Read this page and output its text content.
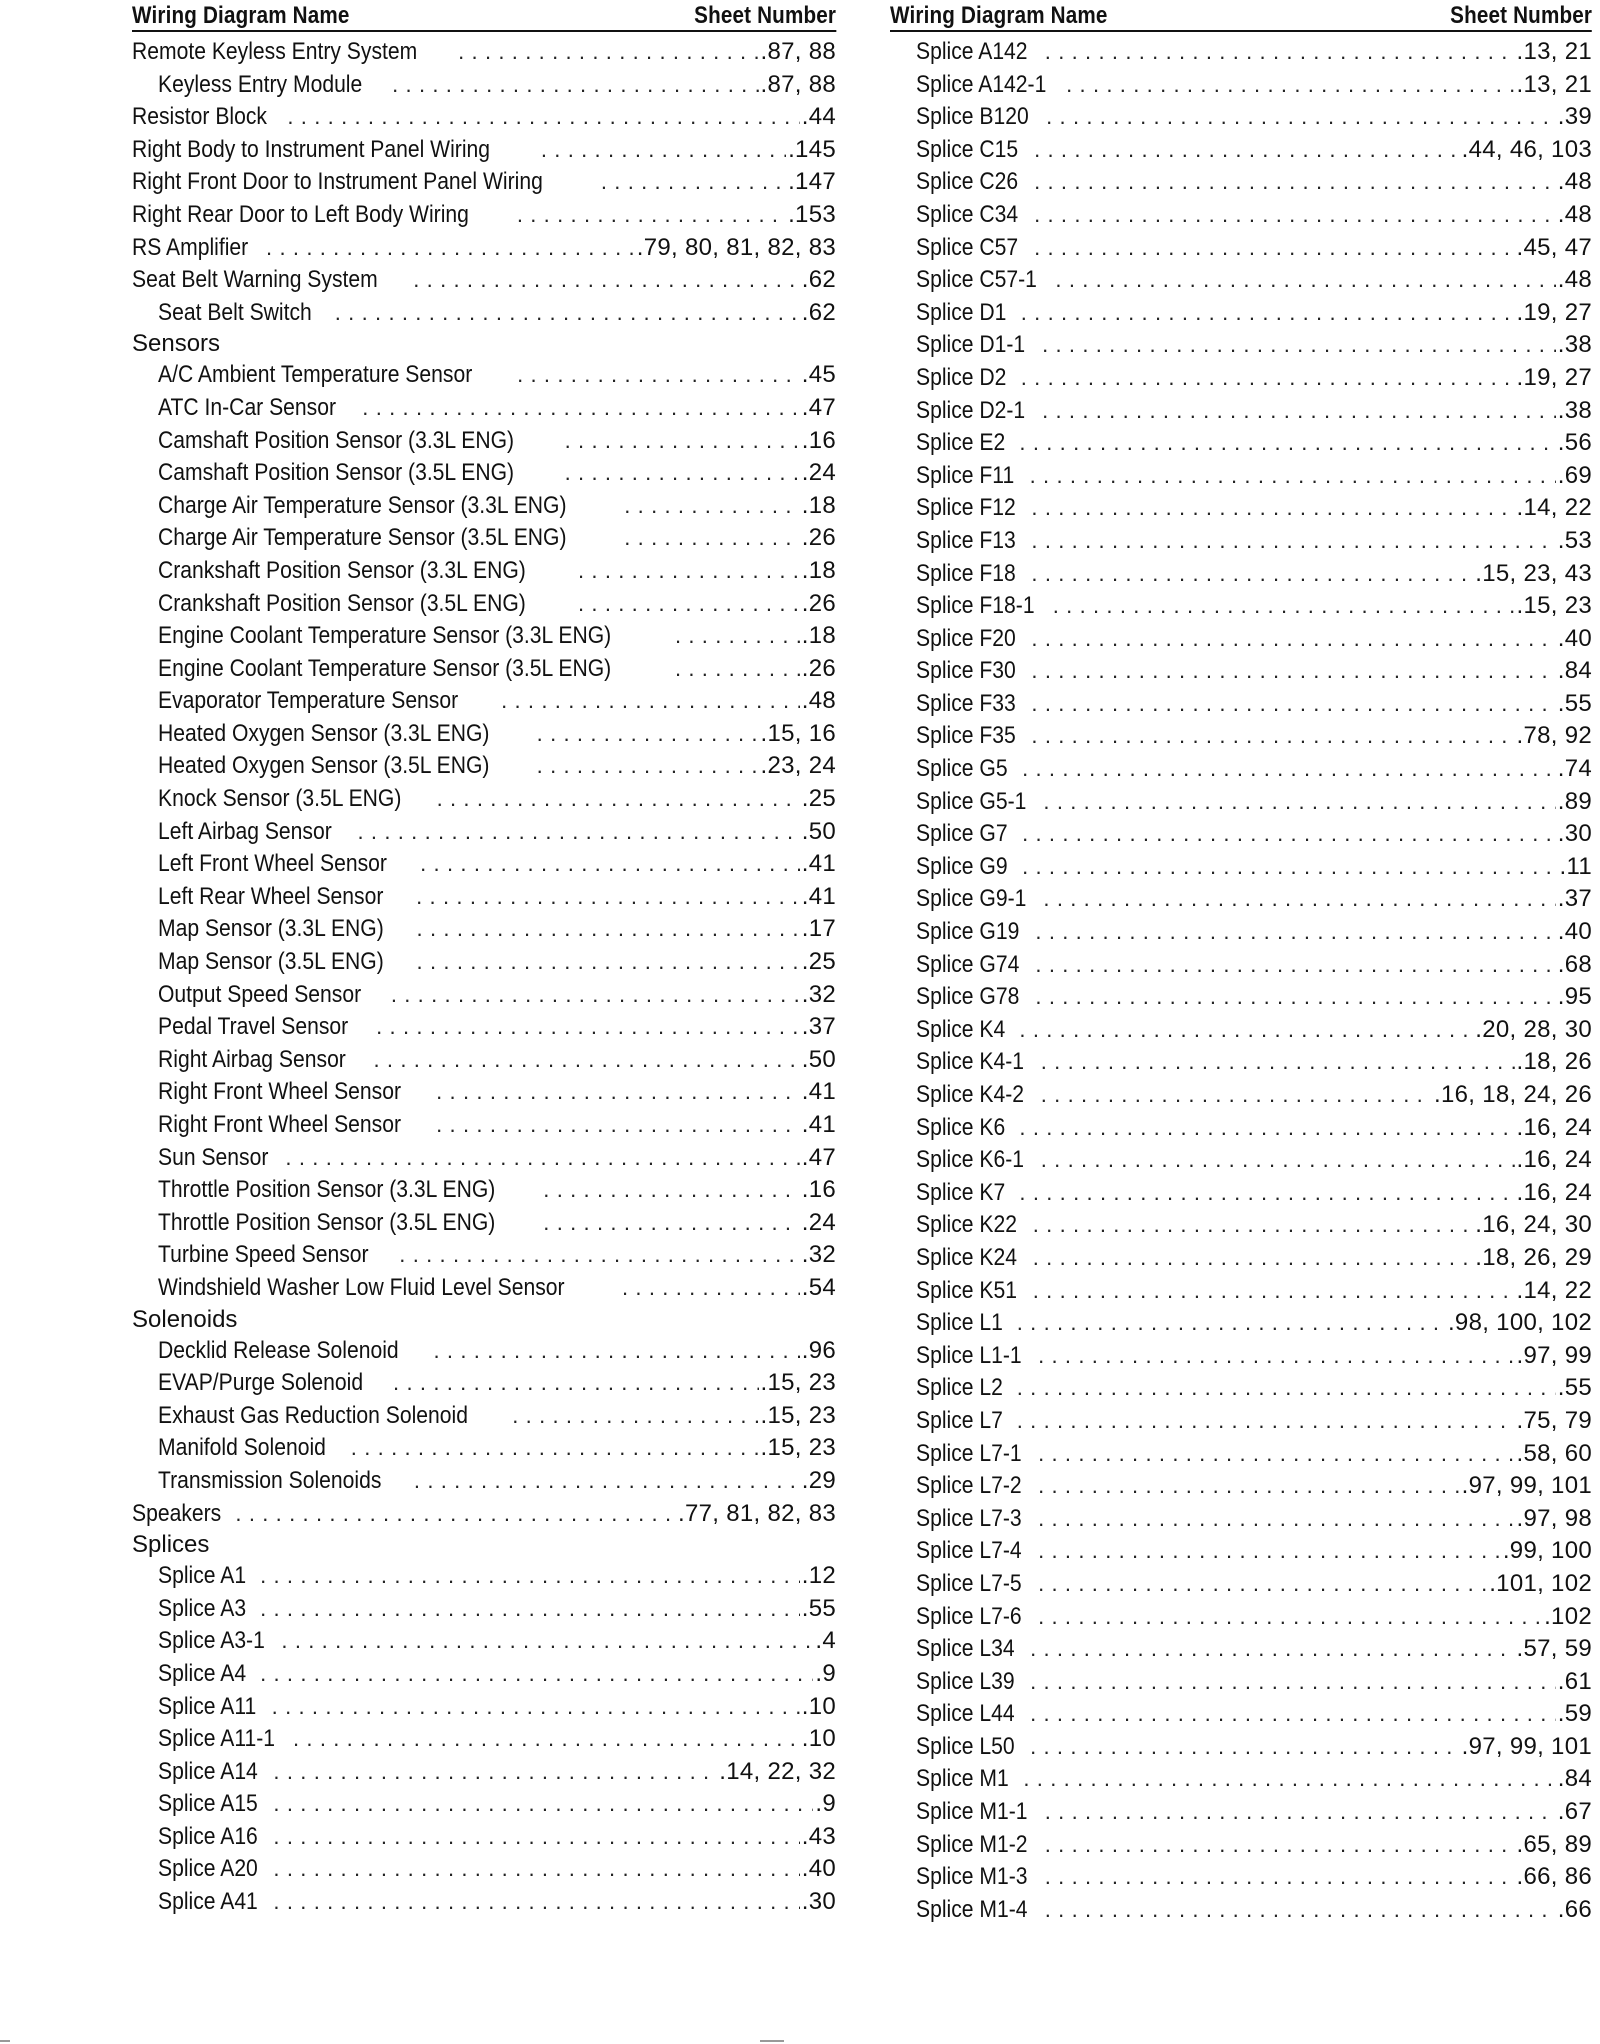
Wiring Diagram Name	Sheet Number
Remote Keyless Entry System . . .	.87, 88
Keyless Entry Module . . .	.87, 88
Resistor Block . . .	.44
Right Body to Instrument Panel Wiring . . .	.145
Right Front Door to Instrument Panel Wiring . . .	.147
Right Rear Door to Left Body Wiring . . .	.153
RS Amplifier . . .	.79, 80, 81, 82, 83
Seat Belt Warning System . . .	.62
Seat Belt Switch . . .	.62
Sensors
A/C Ambient Temperature Sensor . . .	.45
ATC In-Car Sensor . . .	.47
Camshaft Position Sensor (3.3L ENG) . . .	.16
Camshaft Position Sensor (3.5L ENG) . . .	.24
Charge Air Temperature Sensor (3.3L ENG) . . .	.18
Charge Air Temperature Sensor (3.5L ENG) . . .	.26
Crankshaft Position Sensor (3.3L ENG) . . .	.18
Crankshaft Position Sensor (3.5L ENG) . . .	.26
Engine Coolant Temperature Sensor (3.3L ENG) . . .	.18
Engine Coolant Temperature Sensor (3.5L ENG) . . .	.26
Evaporator Temperature Sensor . . .	.48
Heated Oxygen Sensor (3.3L ENG) . . .	.15, 16
Heated Oxygen Sensor (3.5L ENG) . . .	.23, 24
Knock Sensor (3.5L ENG) . . .	.25
Left Airbag Sensor . . .	.50
Left Front Wheel Sensor . . .	.41
Left Rear Wheel Sensor . . .	.41
Map Sensor (3.3L ENG) . . .	.17
Map Sensor (3.5L ENG) . . .	.25
Output Speed Sensor . . .	.32
Pedal Travel Sensor . . .	.37
Right Airbag Sensor . . .	.50
Right Front Wheel Sensor . . .	.41
Right Front Wheel Sensor . . .	.41
Sun Sensor . . .	.47
Throttle Position Sensor (3.3L ENG) . . .	.16
Throttle Position Sensor (3.5L ENG) . . .	.24
Turbine Speed Sensor . . .	.32
Windshield Washer Low Fluid Level Sensor . . .	.54
Solenoids
Decklid Release Solenoid . . .	.96
EVAP/Purge Solenoid . . .	.15, 23
Exhaust Gas Reduction Solenoid . . .	.15, 23
Manifold Solenoid . . .	.15, 23
Transmission Solenoids . . .	.29
Speakers . . .	.77, 81, 82, 83
Splices
Splice A1 . . .	.12
Splice A3 . . .	.55
Splice A3-1 . . .	.4
Splice A4 . . .	.9
Splice A11 . . .	.10
Splice A11-1 . . .	.10
Splice A14 . . .	.14, 22, 32
Splice A15 . . .	.9
Splice A16 . . .	.43
Splice A20 . . .	.40
Splice A41 . . .	.30
Wiring Diagram Name	Sheet Number
Splice A142 . . .	.13, 21
Splice A142-1 . . .	.13, 21
Splice B120 . . .	.39
Splice C15 . . .	.44, 46, 103
Splice C26 . . .	.48
Splice C34 . . .	.48
Splice C57 . . .	.45, 47
Splice C57-1 . . .	.48
Splice D1 . . .	.19, 27
Splice D1-1 . . .	.38
Splice D2 . . .	.19, 27
Splice D2-1 . . .	.38
Splice E2 . . .	.56
Splice F11 . . .	.69
Splice F12 . . .	.14, 22
Splice F13 . . .	.53
Splice F18 . . .	.15, 23, 43
Splice F18-1 . . .	.15, 23
Splice F20 . . .	.40
Splice F30 . . .	.84
Splice F33 . . .	.55
Splice F35 . . .	.78, 92
Splice G5 . . .	.74
Splice G5-1 . . .	.89
Splice G7 . . .	.30
Splice G9 . . .	.11
Splice G9-1 . . .	.37
Splice G19 . . .	.40
Splice G74 . . .	.68
Splice G78 . . .	.95
Splice K4 . . .	.20, 28, 30
Splice K4-1 . . .	.18, 26
Splice K4-2 . . .	.16, 18, 24, 26
Splice K6 . . .	.16, 24
Splice K6-1 . . .	.16, 24
Splice K7 . . .	.16, 24
Splice K22 . . .	.16, 24, 30
Splice K24 . . .	.18, 26, 29
Splice K51 . . .	.14, 22
Splice L1 . . .	.98, 100, 102
Splice L1-1 . . .	.97, 99
Splice L2 . . .	.55
Splice L7 . . .	.75, 79
Splice L7-1 . . .	.58, 60
Splice L7-2 . . .	.97, 99, 101
Splice L7-3 . . .	.97, 98
Splice L7-4 . . .	.99, 100
Splice L7-5 . . .	.101, 102
Splice L7-6 . . .	.102
Splice L34 . . .	.57, 59
Splice L39 . . .	.61
Splice L44 . . .	.59
Splice L50 . . .	.97, 99, 101
Splice M1 . . .	.84
Splice M1-1 . . .	.67
Splice M1-2 . . .	.65, 89
Splice M1-3 . . .	.66, 86
Splice M1-4 . . .	.66
